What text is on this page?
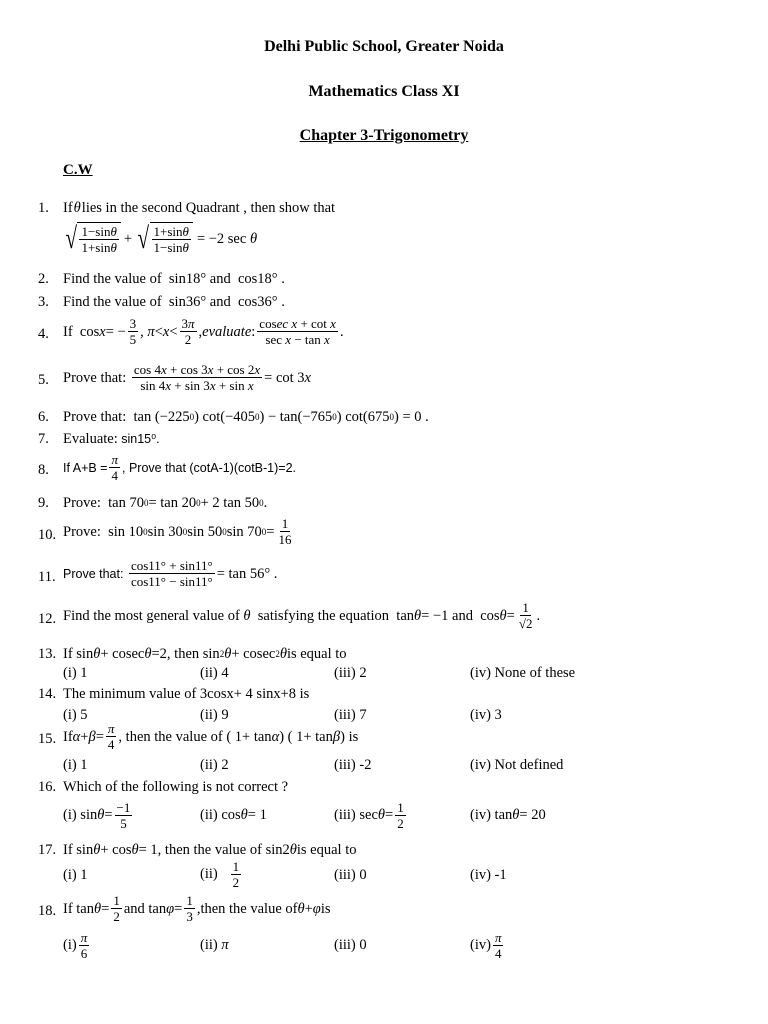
Delhi Public School, Greater Noida
Mathematics Class XI
Chapter 3-Trigonometry
C.W
1. If θ lies in the second Quadrant , then show that
√ $\frac{1-\sin\theta}{1+\sin\theta}$ + √ $\frac{1+\sin\theta}{1-\sin\theta} = -2$ sec θ
2. Find the value of  sin18° and  cos18° .
3. Find the value of  sin36° and  cos36° .
4. If  cos x = − $\frac{3}{5}$ , $\pi < x < \frac{3\pi}{2}$ , evaluate : $\frac{\text{cosec x + cot x}}{\text{sec x − tan x}}$ .
5. Prove that: $\frac{\cos 4x + \cos 3x + \cos 2x}{\text{sin 4x + sin 3x + sin x}} = \cot 3$ x
6. Prove that:  tan (−225 0 ) cot(−405 0 ) − tan(−765 0 ) cot(675 0 ) = 0 .
7. Evaluate: sin15⁰.
8. If $A+B = \frac{\pi}{4}$ , Prove that (cotA-1)(cotB-1)=2.
9. Prove:  tan 70 0 = tan 20 0 + 2 tan 50 0 .
10. Prove:  sin 10 0 sin 30 0 sin 50 0 sin 70 $0 = \frac{1}{16}$
11. Prove that: $\frac{\cos 11^\circ + \sin 11^\circ}{\cos 11^\circ - \sin 11^\circ} = \tan 56^\circ$ .
12. Find the most general value of θ satisfying the equation  tan θ = −1 and  $\cos \theta = \frac{1}{√2}$ .
13. If sin θ + cosec θ =2, then sin 2 θ + cosec 2 θ is equal to
(i) 1	(ii) 4	(iii) 2	(iv) None of these
14. The minimum value of 3cosx+ 4 sinx+8 is
(i) 5	(ii) 9	(iii) 7	(iv) 3
15. If $\alpha + \beta = \frac{\pi}{4}$ , then the value of ( 1+ tan α ) ( 1+ tan β ) is
(i) 1	(ii) 2	(iii) -2	(iv) Not defined
16. Which of the following is not correct ?
(i) $\sin \theta = \frac{-1}{5}$	(ii) cos θ = 1	(iii) $\sec \theta = \frac{1}{2}$	(iv) tan θ = 20
17. If sin θ + cos θ = 1, then the value of sin2 θ is equal to
(i) 1	$(ii) \frac{1}{2}$	(iii) 0	(iv) -1
18. If $\tan \theta = \frac{1}{2}$ and $\tan \varphi = \frac{1}{3}$ ,then the value of θ + φ is
$(i) \frac{\pi}{6}$	(ii) π	(iii) 0	$(iv) \frac{\pi}{4}$
